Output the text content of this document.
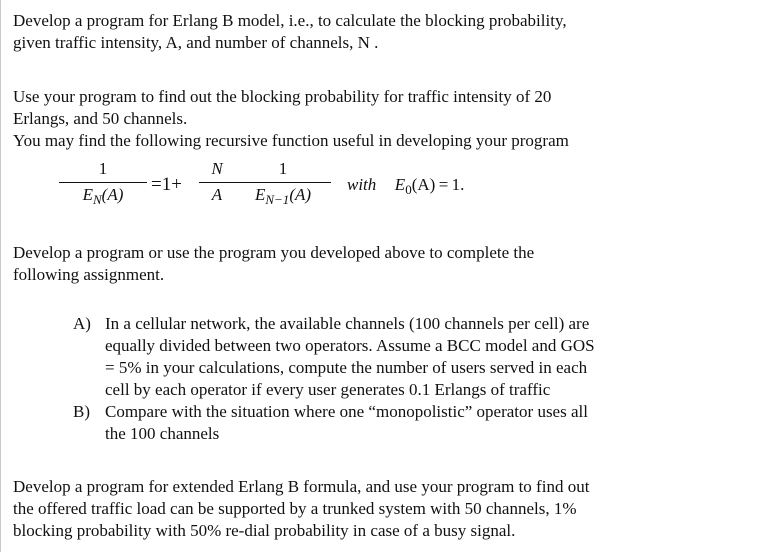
Develop a program for Erlang B model, i.e., to calculate the blocking probability,
given traffic intensity, A, and number of channels, N .
Use your program to find out the blocking probability for traffic intensity of 20
Erlangs, and 50 channels.
You may find the following recursive function useful in developing your program
1
$E_N(A)$	=1+
N
A
1
$E_{N-1}(A)$
with $E_0(A) = 1$.
Develop a program or use the program you developed above to complete the
following assignment.
A) In a cellular network, the available channels (100 channels per cell) are
equally divided between two operators. Assume a BCC model and GOS
= 5% in your calculations, compute the number of users served in each
cell by each operator if every user generates 0.1 Erlangs of traffic
B) Compare with the situation where one “monopolistic” operator uses all
the 100 channels
Develop a program for extended Erlang B formula, and use your program to find out
the offered traffic load can be supported by a trunked system with 50 channels, 1%
blocking probability with 50% re-dial probability in case of a busy signal.
